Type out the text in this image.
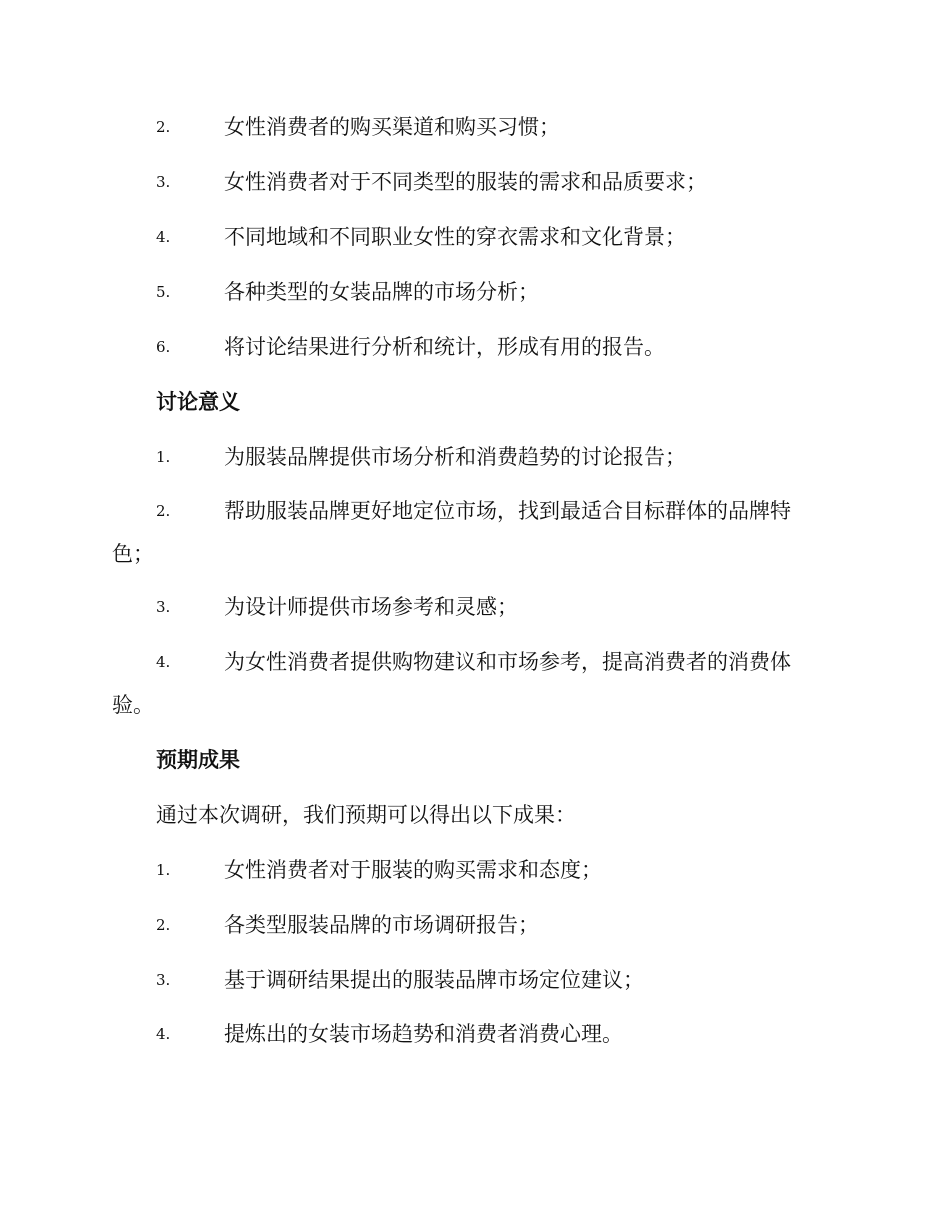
2.	女性消费者的购买渠道和购买习惯；
3.	女性消费者对于不同类型的服装的需求和品质要求；
4.	不同地域和不同职业女性的穿衣需求和文化背景；
5.	各种类型的女装品牌的市场分析；
6.	将讨论结果进行分析和统计，形成有用的报告。
讨论意义
1.	为服装品牌提供市场分析和消费趋势的讨论报告；
2.	帮助服装品牌更好地定位市场，找到最适合目标群体的品牌特
色；
3.	为设计师提供市场参考和灵感；
4.	为女性消费者提供购物建议和市场参考，提高消费者的消费体
验。
预期成果
通过本次调研，我们预期可以得出以下成果：
1.	女性消费者对于服装的购买需求和态度；
2.	各类型服装品牌的市场调研报告；
3.	基于调研结果提出的服装品牌市场定位建议；
4.	提炼出的女装市场趋势和消费者消费心理。
